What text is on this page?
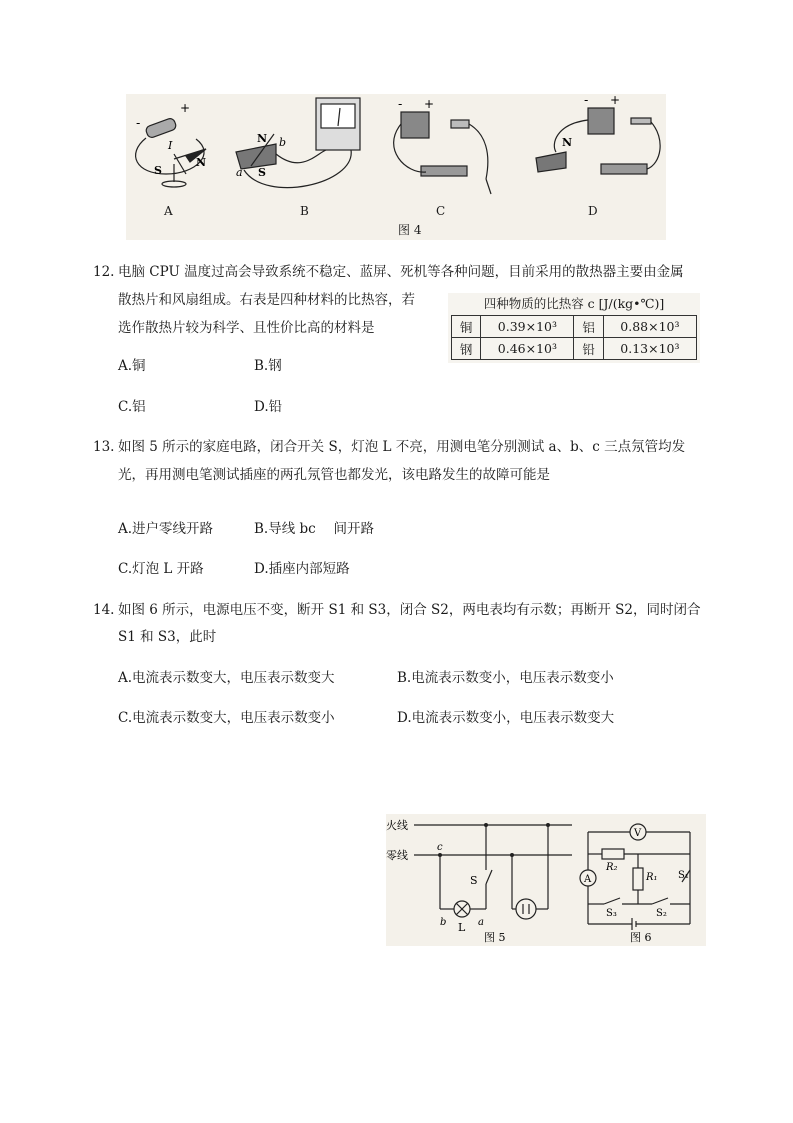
-
+
I
N
S
N b
a S
- +	- +
N
A	B	C	D
图 4
12. 电脑 CPU 温度过高会导致系统不稳定、蓝屏、死机等各种问题，目前采用的散热器主要由金属
散热片和风扇组成。右表是四种材料的比热容，若
选作散热片较为科学、且性价比高的材料是
四种物质的比热容 c [J/(kg•℃)]
铜	0.39×10³	铝	0.88×10³
钢	0.46×10³	铅	0.13×10³
A.铜	B.钢
C.铝	D.铅
13. 如图 5 所示的家庭电路，闭合开关 S，灯泡 L 不亮，用测电笔分别测试 a、b、c 三点氖管均发
光，再用测电笔测试插座的两孔氖管也都发光，该电路发生的故障可能是
A.进户零线开路	B.导线 bc　 间开路
C.灯泡 L 开路	D.插座内部短路
14. 如图 6 所示，电源电压不变，断开 S1 和 S3，闭合 S2，两电表均有示数；再断开 S2，同时闭合
S1 和 S3，此时
A.电流表示数变大，电压表示数变大	B.电流表示数变小，电压表示数变小
C.电流表示数变大，电压表示数变小	D.电流表示数变小，电压表示数变大
火线
零线
c
S
b	a
L
图 5
V
A
R₂
R₁ S₁
S₃	S₂
图 6
